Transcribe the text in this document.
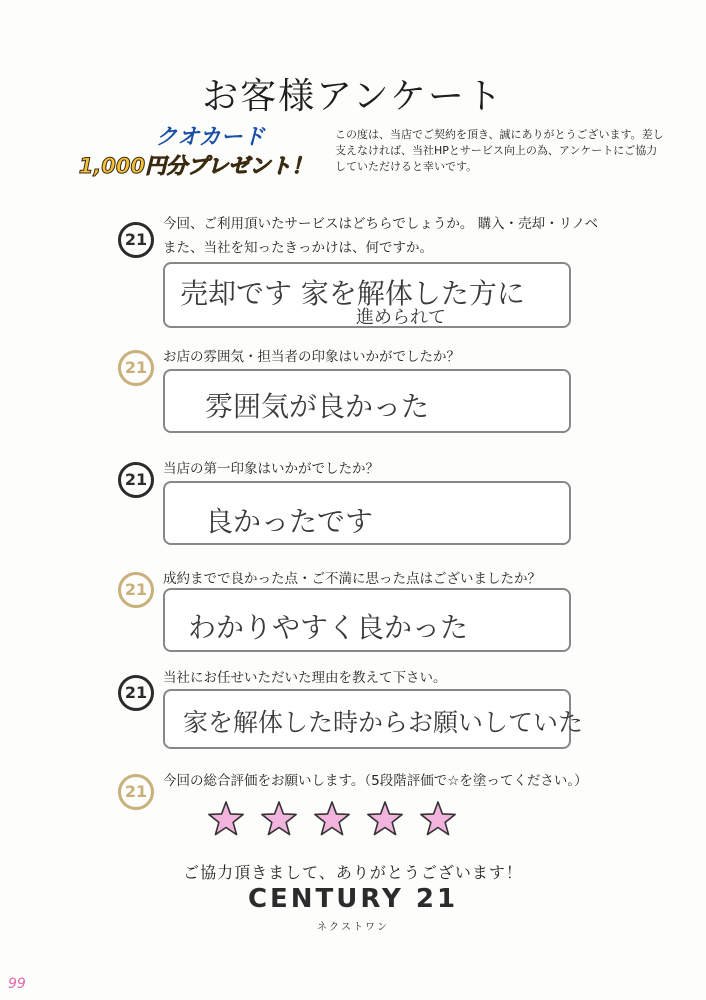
お客様アンケート
クオカード
1,000円分プレゼント！
この度は、当店でご契約を頂き、誠にありがとうございます。差し支えなければ、当社HPとサービス向上の為、アンケートにご協力していただけると幸いです。
21
今回、ご利用頂いたサービスはどちらでしょうか。 購入・売却・リノベ
また、当社を知ったきっかけは、何ですか。
売却です 家を解体した方に
進められて
21
お店の雰囲気・担当者の印象はいかがでしたか？
雰囲気が良かった
21
当店の第一印象はいかがでしたか？
良かったです
21
成約までで良かった点・ご不満に思った点はございましたか？
わかりやすく良かった
21
当社にお任せいただいた理由を教えて下さい。
家を解体した時からお願いしていた
21
今回の総合評価をお願いします。（5段階評価で☆を塗ってください。）
ご協力頂きまして、ありがとうございます！
CENTURY 21
ネクストワン
99
